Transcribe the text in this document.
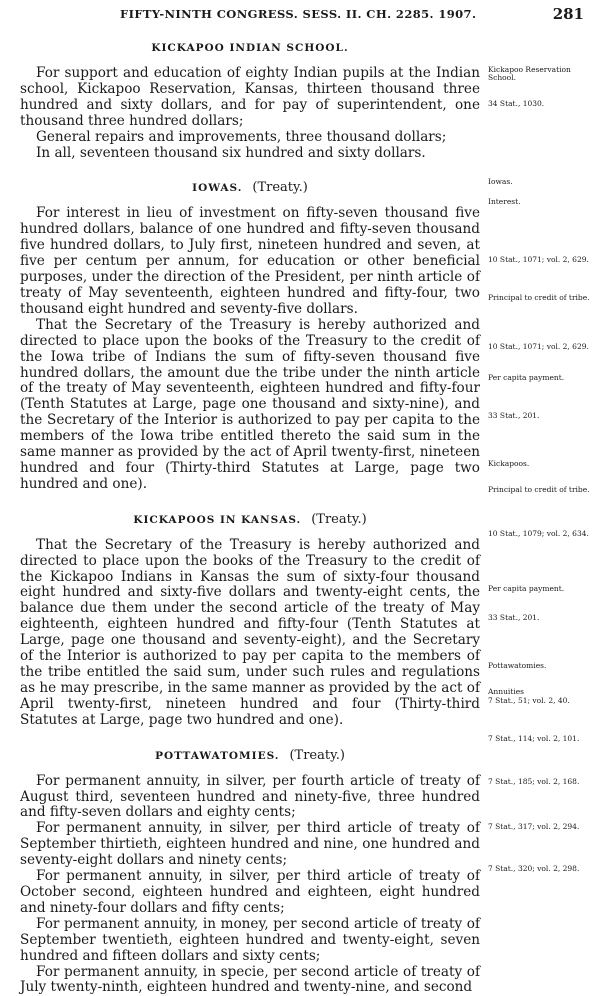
FIFTY-NINTH CONGRESS. SESS. II. CH. 2285. 1907.	281
KICKAPOO INDIAN SCHOOL.

For support and education of eighty Indian pupils at the Indian school, Kickapoo Reservation, Kansas, thirteen thousand three hundred and sixty dollars, and for pay of superintendent, one thousand three hundred dollars;

General repairs and improvements, three thousand dollars;

In all, seventeen thousand six hundred and sixty dollars.

IOWAS. (Treaty.)

For interest in lieu of investment on fifty-seven thousand five hundred dollars, balance of one hundred and fifty-seven thousand five hundred dollars, to July first, nineteen hundred and seven, at five per centum per annum, for education or other beneficial purposes, under the direction of the President, per ninth article of treaty of May seventeenth, eighteen hundred and fifty-four, two thousand eight hundred and seventy-five dollars.

That the Secretary of the Treasury is hereby authorized and directed to place upon the books of the Treasury to the credit of the Iowa tribe of Indians the sum of fifty-seven thousand five hundred dollars, the amount due the tribe under the ninth article of the treaty of May seventeenth, eighteen hundred and fifty-four (Tenth Statutes at Large, page one thousand and sixty-nine), and the Secretary of the Interior is authorized to pay per capita to the members of the Iowa tribe entitled thereto the said sum in the same manner as provided by the act of April twenty-first, nineteen hundred and four (Thirty-third Statutes at Large, page two hundred and one).

KICKAPOOS IN KANSAS. (Treaty.)

That the Secretary of the Treasury is hereby authorized and directed to place upon the books of the Treasury to the credit of the Kickapoo Indians in Kansas the sum of sixty-four thousand eight hundred and sixty-five dollars and twenty-eight cents, the balance due them under the second article of the treaty of May eighteenth, eighteen hundred and fifty-four (Tenth Statutes at Large, page one thousand and seventy-eight), and the Secretary of the Interior is authorized to pay per capita to the members of the tribe entitled the said sum, under such rules and regulations as he may prescribe, in the same manner as provided by the act of April twenty-first, nineteen hundred and four (Thirty-third Statutes at Large, page two hundred and one).

POTTAWATOMIES. (Treaty.)

For permanent annuity, in silver, per fourth article of treaty of August third, seventeen hundred and ninety-five, three hundred and fifty-seven dollars and eighty cents;

For permanent annuity, in silver, per third article of treaty of September thirtieth, eighteen hundred and nine, one hundred and seventy-eight dollars and ninety cents;

For permanent annuity, in silver, per third article of treaty of October second, eighteen hundred and eighteen, eight hundred and ninety-four dollars and fifty cents;

For permanent annuity, in money, per second article of treaty of September twentieth, eighteen hundred and twenty-eight, seven hundred and fifteen dollars and sixty cents;

For permanent annuity, in specie, per second article of treaty of July twenty-ninth, eighteen hundred and twenty-nine, and second

Kickapoo Reservation School.
34 Stat., 1030.
Iowas.
Interest.
10 Stat., 1071; vol. 2, 629.
Principal to credit of tribe.
10 Stat., 1071; vol. 2, 629.
Per capita payment.
33 Stat., 201.
Kickapoos.
Principal to credit of tribe.
10 Stat., 1079; vol. 2, 634.
Per capita payment.
33 Stat., 201.
Pottawatomies.
Annuities
7 Stat., 51; vol. 2, 40.
7 Stat., 114; vol. 2, 101.
7 Stat., 185; vol. 2, 168.
7 Stat., 317; vol. 2, 294.
7 Stat., 320; vol. 2, 298.
